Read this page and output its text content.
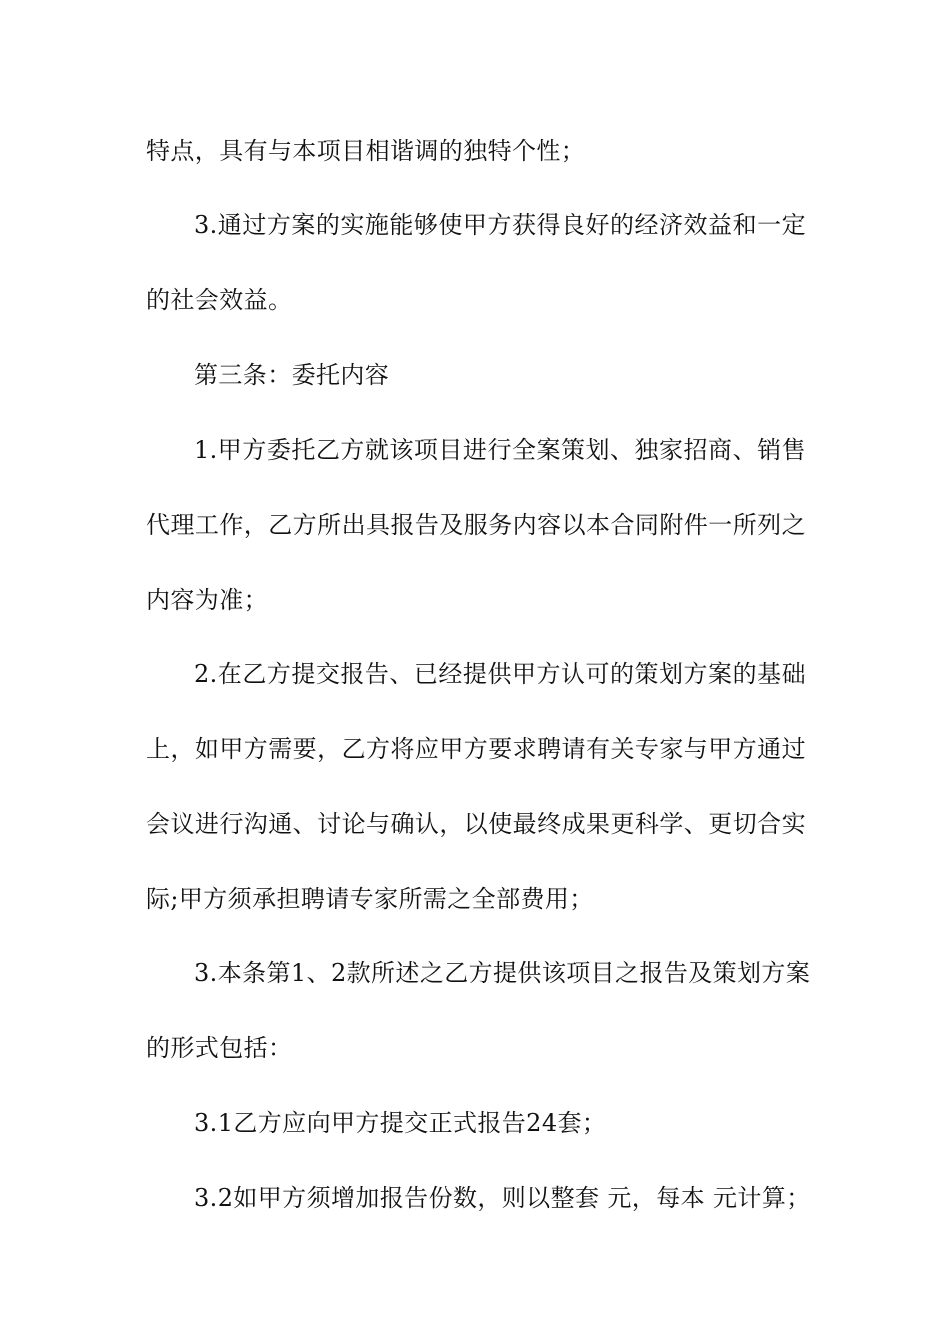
特点，具有与本项目相谐调的独特个性；
3.通过方案的实施能够使甲方获得良好的经济效益和一定
的社会效益。
第三条：委托内容
1.甲方委托乙方就该项目进行全案策划、独家招商、销售
代理工作，乙方所出具报告及服务内容以本合同附件一所列之
内容为准；
2.在乙方提交报告、已经提供甲方认可的策划方案的基础
上，如甲方需要，乙方将应甲方要求聘请有关专家与甲方通过
会议进行沟通、讨论与确认，以使最终成果更科学、更切合实
际;甲方须承担聘请专家所需之全部费用；
3.本条第1、2款所述之乙方提供该项目之报告及策划方案
的形式包括：
3.1乙方应向甲方提交正式报告24套；
3.2如甲方须增加报告份数，则以整套 元，每本 元计算；
